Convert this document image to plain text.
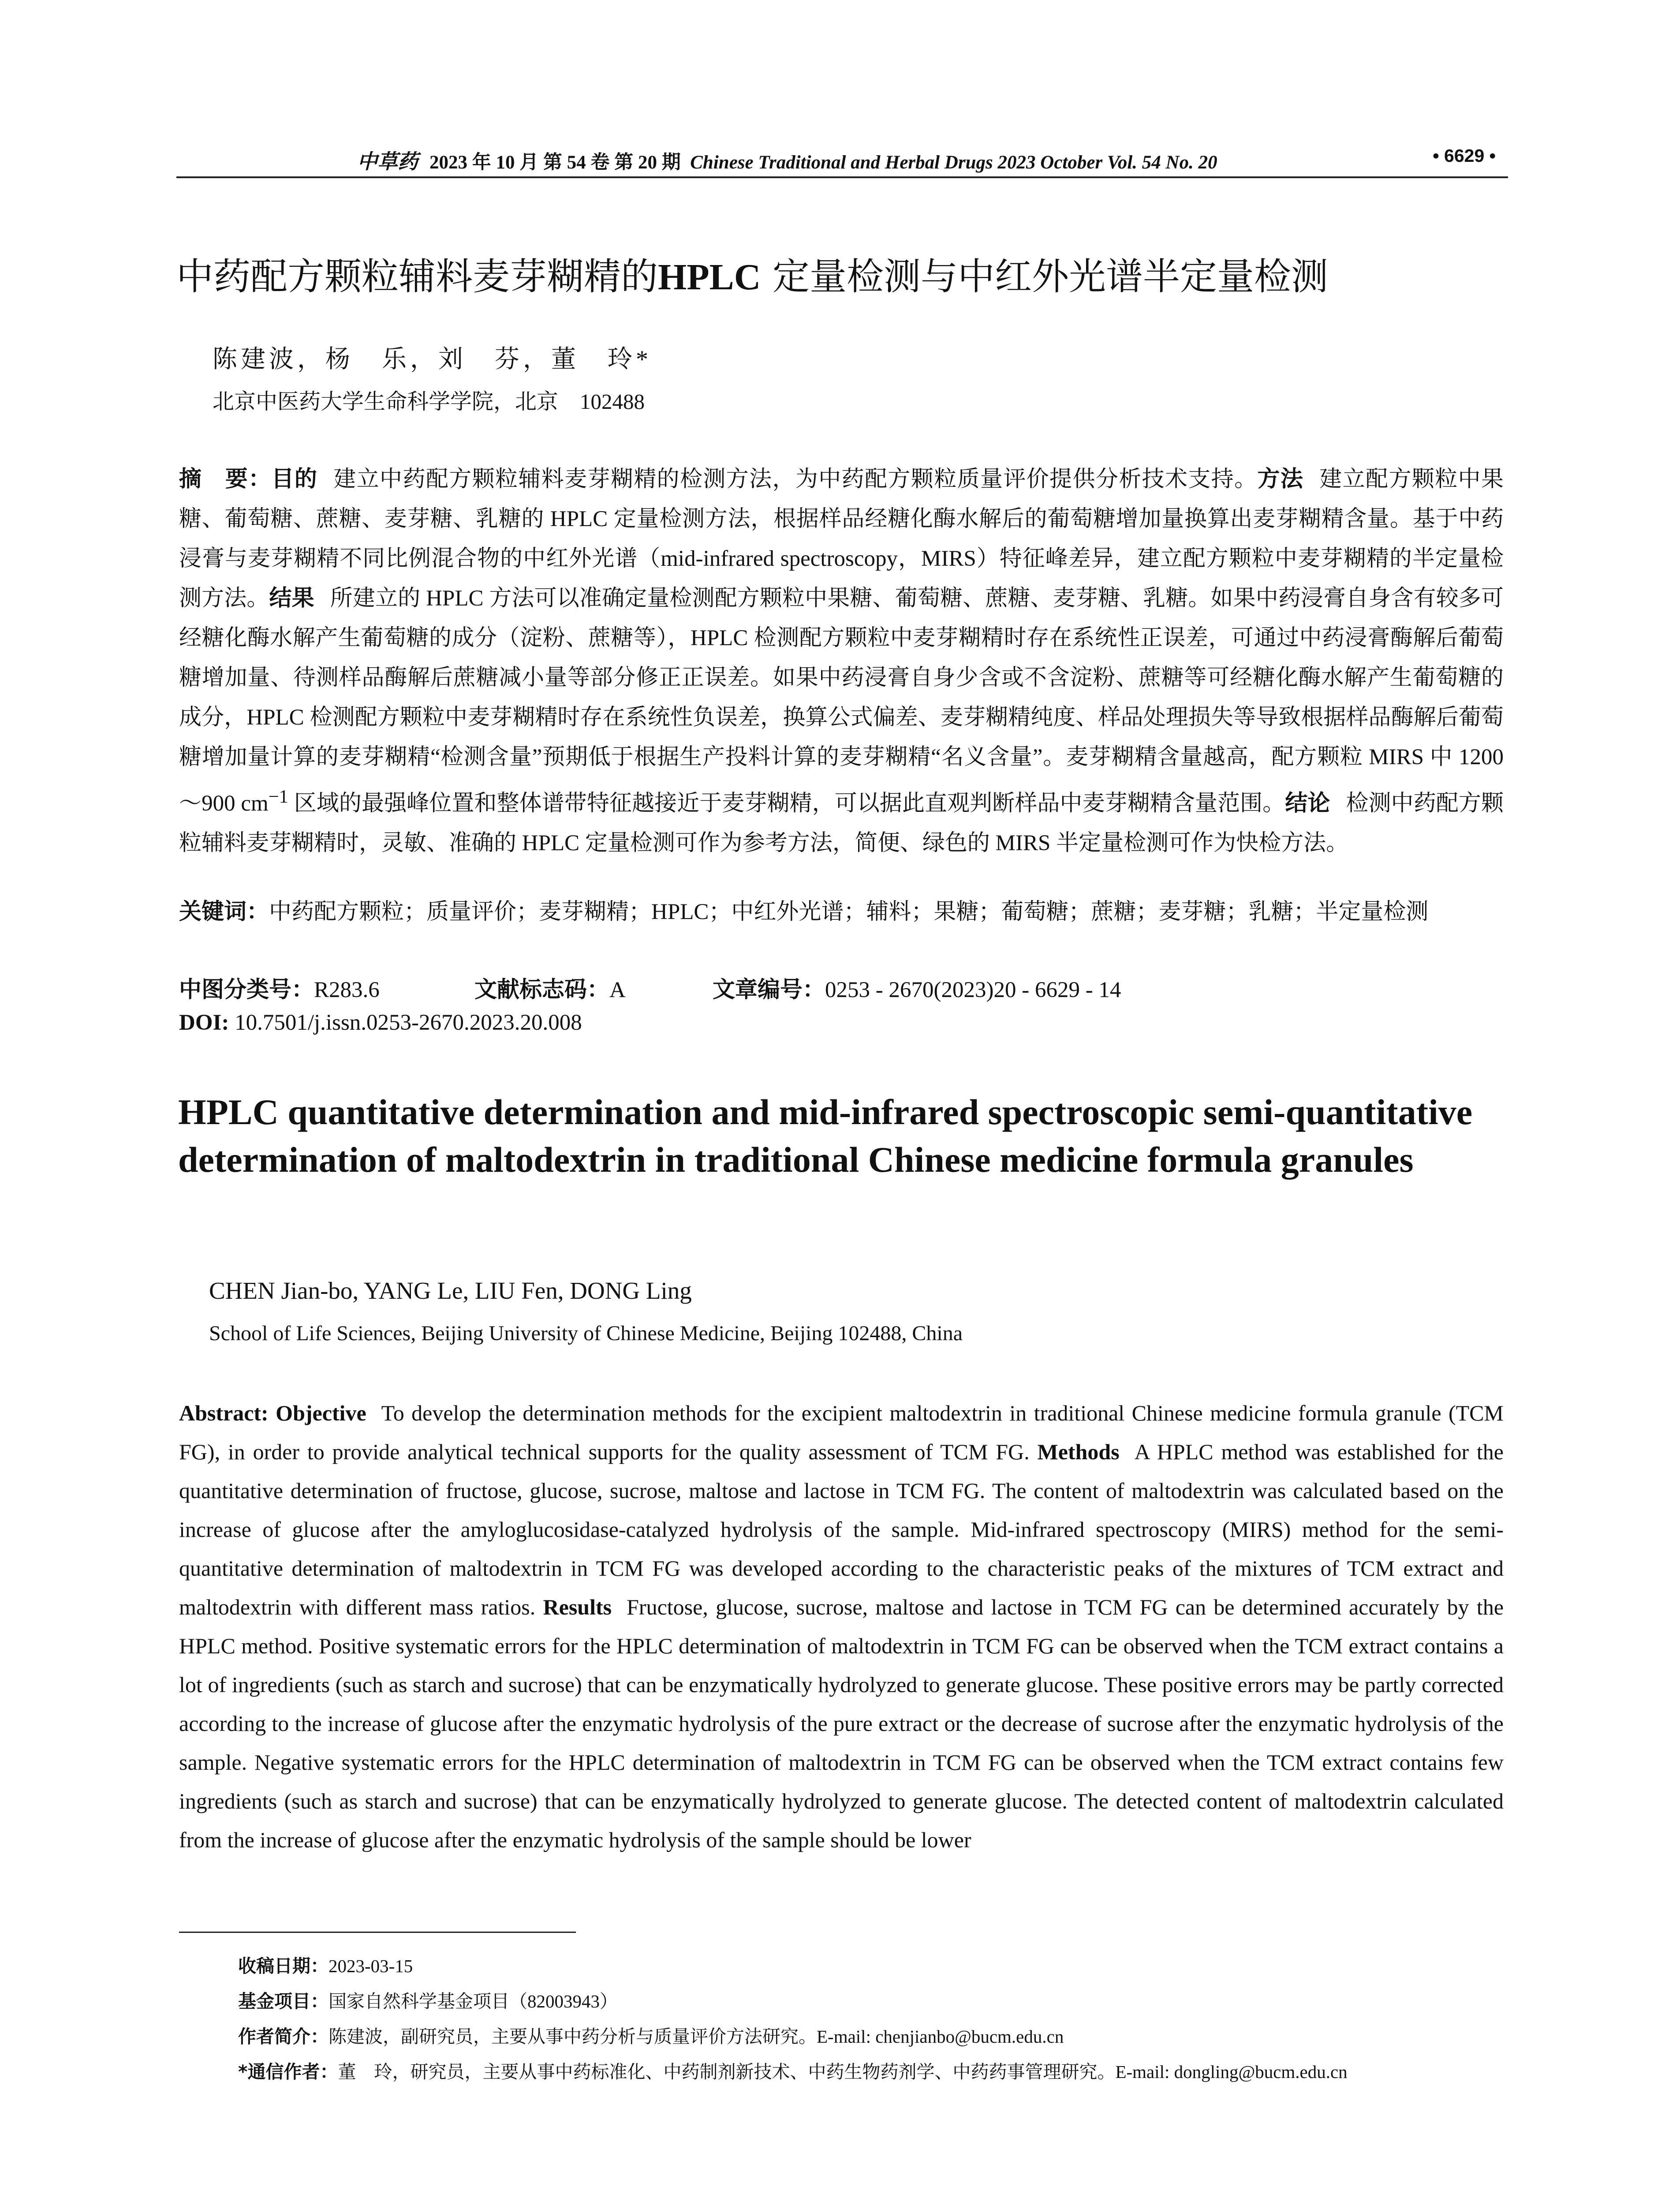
中草药 2023 年 10 月 第 54 卷 第 20 期 Chinese Traditional and Herbal Drugs 2023 October Vol. 54 No. 20	• 6629 •
中药配方颗粒辅料麦芽糊精的HPLC 定量检测与中红外光谱半定量检测
陈建波，杨　乐，刘　芬，董　玲*
北京中医药大学生命科学学院，北京　102488
摘　要：目的 建立中药配方颗粒辅料麦芽糊精的检测方法，为中药配方颗粒质量评价提供分析技术支持。方法 建立配方颗粒中果糖、葡萄糖、蔗糖、麦芽糖、乳糖的 HPLC 定量检测方法，根据样品经糖化酶水解后的葡萄糖增加量换算出麦芽糊精含量。基于中药浸膏与麦芽糊精不同比例混合物的中红外光谱（mid-infrared spectroscopy，MIRS）特征峰差异，建立配方颗粒中麦芽糊精的半定量检测方法。结果 所建立的 HPLC 方法可以准确定量检测配方颗粒中果糖、葡萄糖、蔗糖、麦芽糖、乳糖。如果中药浸膏自身含有较多可经糖化酶水解产生葡萄糖的成分（淀粉、蔗糖等），HPLC 检测配方颗粒中麦芽糊精时存在系统性正误差，可通过中药浸膏酶解后葡萄糖增加量、待测样品酶解后蔗糖减小量等部分修正正误差。如果中药浸膏自身少含或不含淀粉、蔗糖等可经糖化酶水解产生葡萄糖的成分，HPLC 检测配方颗粒中麦芽糊精时存在系统性负误差，换算公式偏差、麦芽糊精纯度、样品处理损失等导致根据样品酶解后葡萄糖增加量计算的麦芽糊精“检测含量”预期低于根据生产投料计算的麦芽糊精“名义含量”。麦芽糊精含量越高，配方颗粒 MIRS 中 1200～900 $cm^{-1}$ 区域的最强峰位置和整体谱带特征越接近于麦芽糊精，可以据此直观判断样品中麦芽糊精含量范围。结论 检测中药配方颗粒辅料麦芽糊精时，灵敏、准确的 HPLC 定量检测可作为参考方法，简便、绿色的 MIRS 半定量检测可作为快检方法。
关键词：中药配方颗粒；质量评价；麦芽糊精；HPLC；中红外光谱；辅料；果糖；葡萄糖；蔗糖；麦芽糖；乳糖；半定量检测
中图分类号：R283.6	文献标志码：A	文章编号：0253 - 2670(2023)20 - 6629 - 14
DOI: 10.7501/j.issn.0253-2670.2023.20.008
HPLC quantitative determination and mid-infrared spectroscopic semi-quantitative determination of maltodextrin in traditional Chinese medicine formula granules
CHEN Jian-bo, YANG Le, LIU Fen, DONG Ling
School of Life Sciences, Beijing University of Chinese Medicine, Beijing 102488, China
Abstract: Objective To develop the determination methods for the excipient maltodextrin in traditional Chinese medicine formula granule (TCM FG), in order to provide analytical technical supports for the quality assessment of TCM FG. Methods A HPLC method was established for the quantitative determination of fructose, glucose, sucrose, maltose and lactose in TCM FG. The content of maltodextrin was calculated based on the increase of glucose after the amyloglucosidase-catalyzed hydrolysis of the sample. Mid-infrared spectroscopy (MIRS) method for the semi-quantitative determination of maltodextrin in TCM FG was developed according to the characteristic peaks of the mixtures of TCM extract and maltodextrin with different mass ratios. Results Fructose, glucose, sucrose, maltose and lactose in TCM FG can be determined accurately by the HPLC method. Positive systematic errors for the HPLC determination of maltodextrin in TCM FG can be observed when the TCM extract contains a lot of ingredients (such as starch and sucrose) that can be enzymatically hydrolyzed to generate glucose. These positive errors may be partly corrected according to the increase of glucose after the enzymatic hydrolysis of the pure extract or the decrease of sucrose after the enzymatic hydrolysis of the sample. Negative systematic errors for the HPLC determination of maltodextrin in TCM FG can be observed when the TCM extract contains few ingredients (such as starch and sucrose) that can be enzymatically hydrolyzed to generate glucose. The detected content of maltodextrin calculated from the increase of glucose after the enzymatic hydrolysis of the sample should be lower
收稿日期：2023-03-15
基金项目：国家自然科学基金项目（82003943）
作者简介：陈建波，副研究员，主要从事中药分析与质量评价方法研究。E-mail: chenjianbo@bucm.edu.cn
*通信作者：董　玲，研究员，主要从事中药标准化、中药制剂新技术、中药生物药剂学、中药药事管理研究。E-mail: dongling@bucm.edu.cn
